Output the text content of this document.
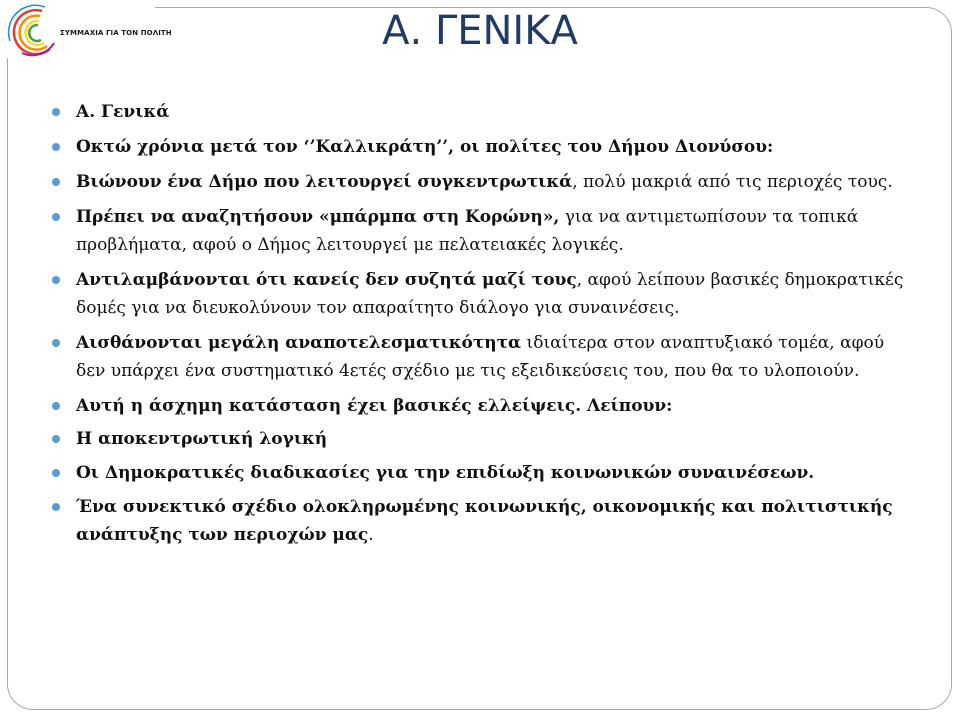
ΣΥΜΜΑΧΙΑ ΓΙΑ ΤΟΝ ΠΟΛΙΤΗ	Α. ΓΕΝΙΚΑ
Α. Γενικά
Οκτώ χρόνια μετά τον ‘’Καλλικράτη’’, οι πολίτες του Δήμου Διονύσου:
Βιώνουν ένα Δήμο που λειτουργεί συγκεντρωτικά, πολύ μακριά από τις περιοχές τους.
Πρέπει να αναζητήσουν «μπάρμπα στη Κορώνη», για να αντιμετωπίσουν τα τοπικά προβλήματα, αφού ο Δήμος λειτουργεί με πελατειακές λογικές.
Αντιλαμβάνονται ότι κανείς δεν συζητά μαζί τους, αφού λείπουν βασικές δημοκρατικές δομές για να διευκολύνουν τον απαραίτητο διάλογο για συναινέσεις.
Αισθάνονται μεγάλη αναποτελεσματικότητα ιδιαίτερα στον αναπτυξιακό τομέα, αφού δεν υπάρχει ένα συστηματικό 4ετές σχέδιο με τις εξειδικεύσεις του, που θα το υλοποιούν.
Αυτή η άσχημη κατάσταση έχει βασικές ελλείψεις. Λείπουν:
Η αποκεντρωτική λογική
Οι Δημοκρατικές διαδικασίες για την επιδίωξη κοινωνικών συναινέσεων.
Ένα συνεκτικό σχέδιο ολοκληρωμένης κοινωνικής, οικονομικής και πολιτιστικής ανάπτυξης των περιοχών μας.
